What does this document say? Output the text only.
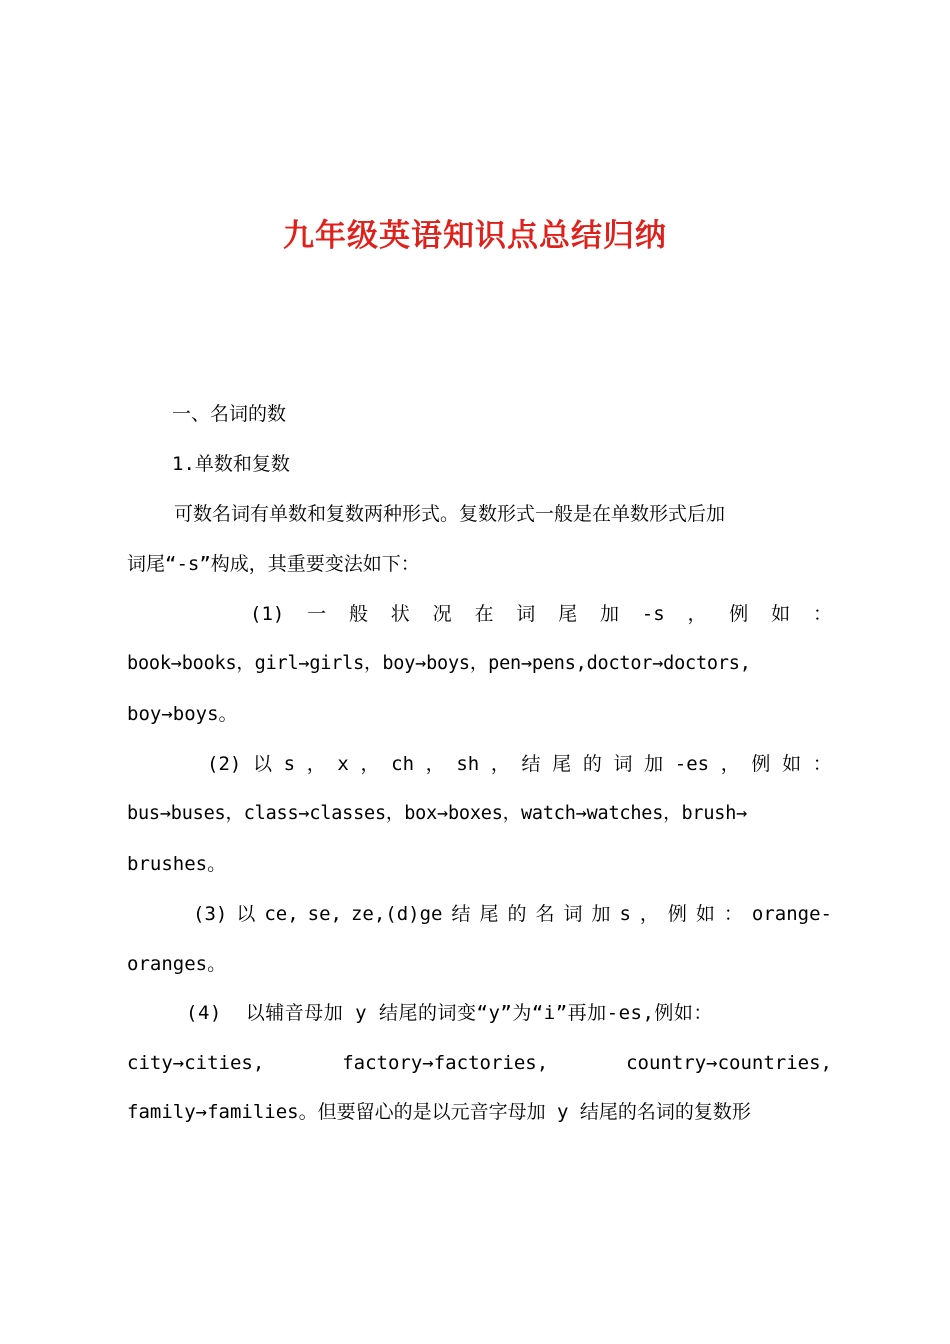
九年级英语知识点总结归纳
一、名词的数
1.单数和复数
可数名词有单数和复数两种形式。复数形式一般是在单数形式后加
词尾“-s”构成，其重要变法如下：
(1) 一 般 状 况 在 词 尾 加 -s ， 例 如 ：
book→books，girl→girls，boy→boys，pen→pens,doctor→doctors,
boy→boys。
(2) 以 s ， x ， ch ， sh ， 结 尾 的 词 加 -es ， 例 如 ：
bus→buses，class→classes，box→boxes，watch→watches，brush→
brushes。
(3) 以 ce, se, ze,(d)ge 结 尾 的 名 词 加 s ， 例 如 ： orange-
oranges。
(4)  以辅音母加 y 结尾的词变“y”为“i”再加-es,例如：
city→cities,	factory→factories,	country→countries,
family→families。但要留心的是以元音字母加 y 结尾的名词的复数形
